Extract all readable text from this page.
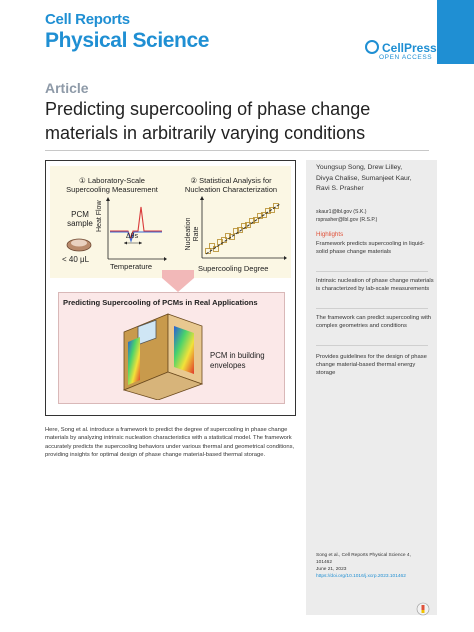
Cell Reports
Physical Science	CellPress
OPEN ACCESS
Article
Predicting supercooling of phase change materials in arbitrarily varying conditions
Youngsup Song, Drew Lilley,
Divya Chalise, Sumanjeet Kaur,
Ravi S. Prasher
skaur1@lbl.gov (S.K.)
rsprasher@lbl.gov (R.S.P.)
Highlights
Framework predicts supercooling in liquid-solid phase change materials
Intrinsic nucleation of phase change materials is characterized by lab-scale measurements
The framework can predict supercooling with complex geometries and conditions
Provides guidelines for the design of phase change material-based thermal energy storage
Song et al., Cell Reports Physical Science 4,
101462
June 21, 2023
https://doi.org/10.1016/j.xcrp.2023.101462
① Laboratory-Scale
Supercooling Measurement
② Statistical Analysis for
Nucleation Characterization
PCM
sample
< 40 μL
Heat Flow
Δθs
Temperature
Nucleation Rate
Supercooling Degree
Predicting Supercooling of PCMs in Real Applications
PCM in building
envelopes
Here, Song et al. introduce a framework to predict the degree of supercooling in phase change materials by analyzing intrinsic nucleation characteristics with a statistical model. The framework accurately predicts the supercooling behaviors under various thermal and geometrical conditions, providing insights for optimal design of phase change material-based thermal storage.
